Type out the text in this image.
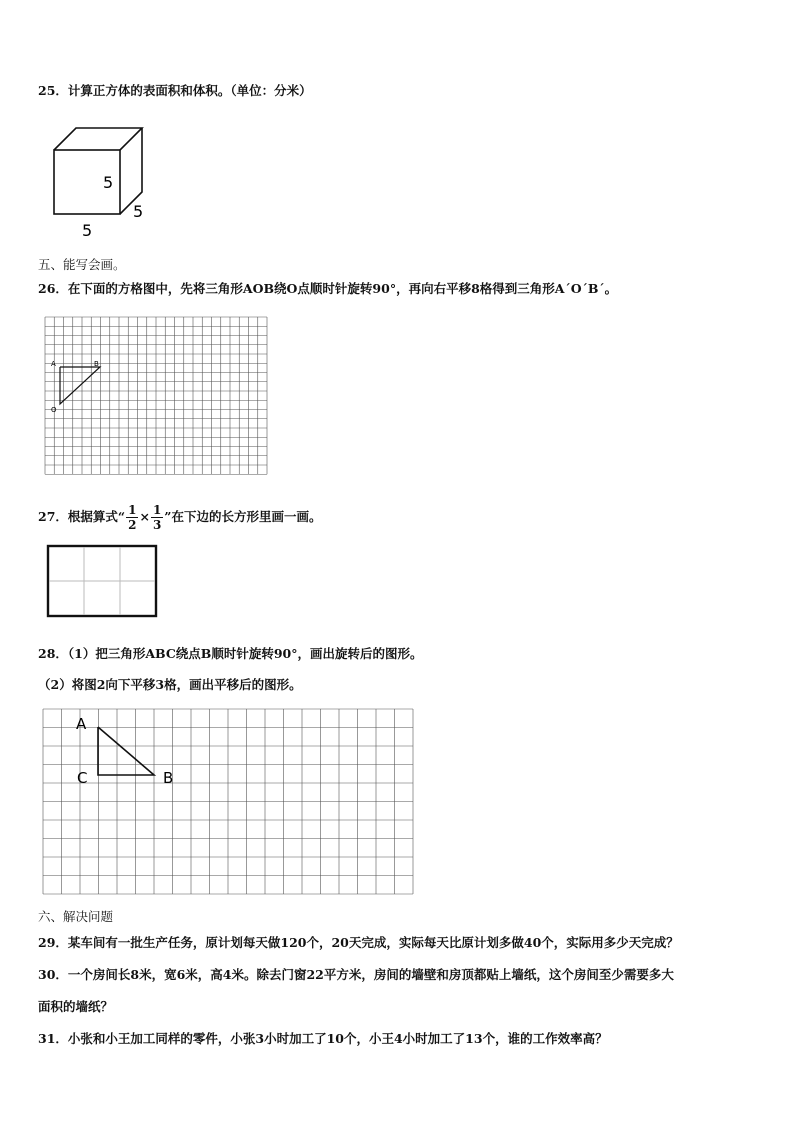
25．计算正方体的表面积和体积。（单位：分米）
5
5
5
五、能写会画。
26．在下面的方格图中，先将三角形AOB绕O点顺时针旋转90°，再向右平移8格得到三角形A´O´B´。
A	B
O
27．根据算式“ $\frac{1}{2} \times \frac{1}{3}$ ”在下边的长方形里画一画。
28．（1）把三角形ABC绕点B顺时针旋转90°，画出旋转后的图形。
（2）将图2向下平移3格，画出平移后的图形。
A
C	B
六、解决问题
29．某车间有一批生产任务，原计划每天做120个，20天完成，实际每天比原计划多做40个，实际用多少天完成？
30．一个房间长8米，宽6米，高4米。除去门窗22平方米，房间的墙壁和房顶都贴上墙纸，这个房间至少需要多大
面积的墙纸？
31．小张和小王加工同样的零件，小张3小时加工了10个，小王4小时加工了13个，谁的工作效率高？
